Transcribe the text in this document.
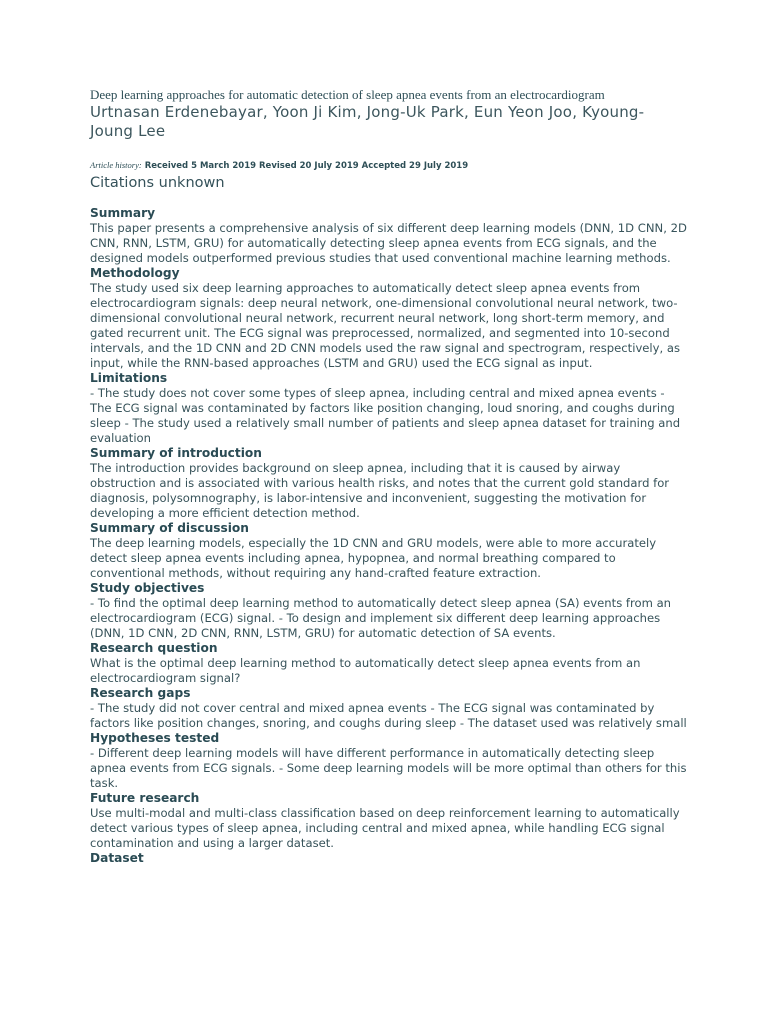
Deep learning approaches for automatic detection of sleep apnea events from an electrocardiogram
Urtnasan Erdenebayar, Yoon Ji Kim, Jong-Uk Park, Eun Yeon Joo, Kyoung-Joung Lee
Article history: Received 5 March 2019 Revised 20 July 2019 Accepted 29 July 2019
Citations unknown
Summary

This paper presents a comprehensive analysis of six different deep learning models (DNN, 1D CNN, 2D CNN, RNN, LSTM, GRU) for automatically detecting sleep apnea events from ECG signals, and the designed models outperformed previous studies that used conventional machine learning methods.

Methodology

The study used six deep learning approaches to automatically detect sleep apnea events from electrocardiogram signals: deep neural network, one-dimensional convolutional neural network, two-dimensional convolutional neural network, recurrent neural network, long short-term memory, and gated recurrent unit. The ECG signal was preprocessed, normalized, and segmented into 10-second intervals, and the 1D CNN and 2D CNN models used the raw signal and spectrogram, respectively, as input, while the RNN-based approaches (LSTM and GRU) used the ECG signal as input.

Limitations

- The study does not cover some types of sleep apnea, including central and mixed apnea events - The ECG signal was contaminated by factors like position changing, loud snoring, and coughs during sleep - The study used a relatively small number of patients and sleep apnea dataset for training and evaluation

Summary of introduction

The introduction provides background on sleep apnea, including that it is caused by airway obstruction and is associated with various health risks, and notes that the current gold standard for diagnosis, polysomnography, is labor-intensive and inconvenient, suggesting the motivation for developing a more efficient detection method.

Summary of discussion

The deep learning models, especially the 1D CNN and GRU models, were able to more accurately detect sleep apnea events including apnea, hypopnea, and normal breathing compared to conventional methods, without requiring any hand-crafted feature extraction.

Study objectives

- To find the optimal deep learning method to automatically detect sleep apnea (SA) events from an electrocardiogram (ECG) signal. - To design and implement six different deep learning approaches (DNN, 1D CNN, 2D CNN, RNN, LSTM, GRU) for automatic detection of SA events.

Research question

What is the optimal deep learning method to automatically detect sleep apnea events from an electrocardiogram signal?

Research gaps

- The study did not cover central and mixed apnea events - The ECG signal was contaminated by factors like position changes, snoring, and coughs during sleep - The dataset used was relatively small

Hypotheses tested

- Different deep learning models will have different performance in automatically detecting sleep apnea events from ECG signals. - Some deep learning models will be more optimal than others for this task.

Future research

Use multi-modal and multi-class classification based on deep reinforcement learning to automatically detect various types of sleep apnea, including central and mixed apnea, while handling ECG signal contamination and using a larger dataset.

Dataset
